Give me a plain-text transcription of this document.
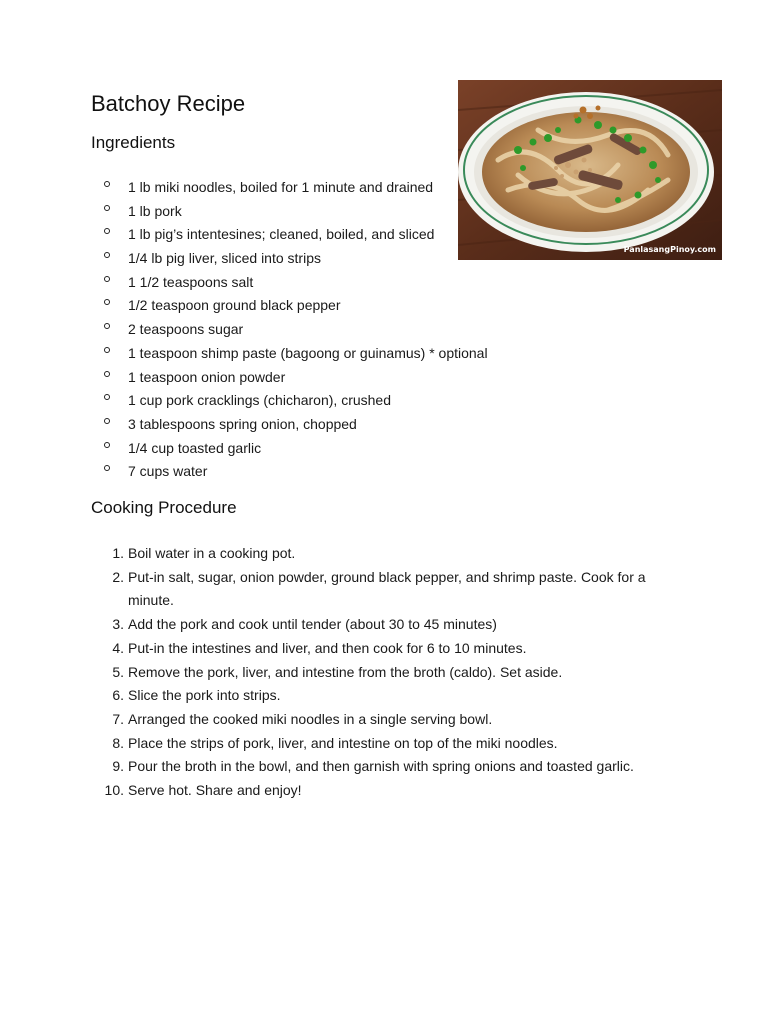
Batchoy Recipe
PanlasangPinoy.com
Ingredients
1 lb miki noodles, boiled for 1 minute and drained
1 lb pork
1 lb pig’s intentesines; cleaned, boiled, and sliced
1/4 lb pig liver, sliced into strips
1 1/2 teaspoons salt
1/2 teaspoon ground black pepper
2 teaspoons sugar
1 teaspoon shimp paste (bagoong or guinamus) * optional
1 teaspoon onion powder
1 cup pork cracklings (chicharon), crushed
3 tablespoons spring onion, chopped
1/4 cup toasted garlic
7 cups water
Cooking Procedure
1. Boil water in a cooking pot.
2. Put-in salt, sugar, onion powder, ground black pepper, and shrimp paste. Cook for a minute.
3. Add the pork and cook until tender (about 30 to 45 minutes)
4. Put-in the intestines and liver, and then cook for 6 to 10 minutes.
5. Remove the pork, liver, and intestine from the broth (caldo). Set aside.
6. Slice the pork into strips.
7. Arranged the cooked miki noodles in a single serving bowl.
8. Place the strips of pork, liver, and intestine on top of the miki noodles.
9. Pour the broth in the bowl, and then garnish with spring onions and toasted garlic.
10. Serve hot. Share and enjoy!
